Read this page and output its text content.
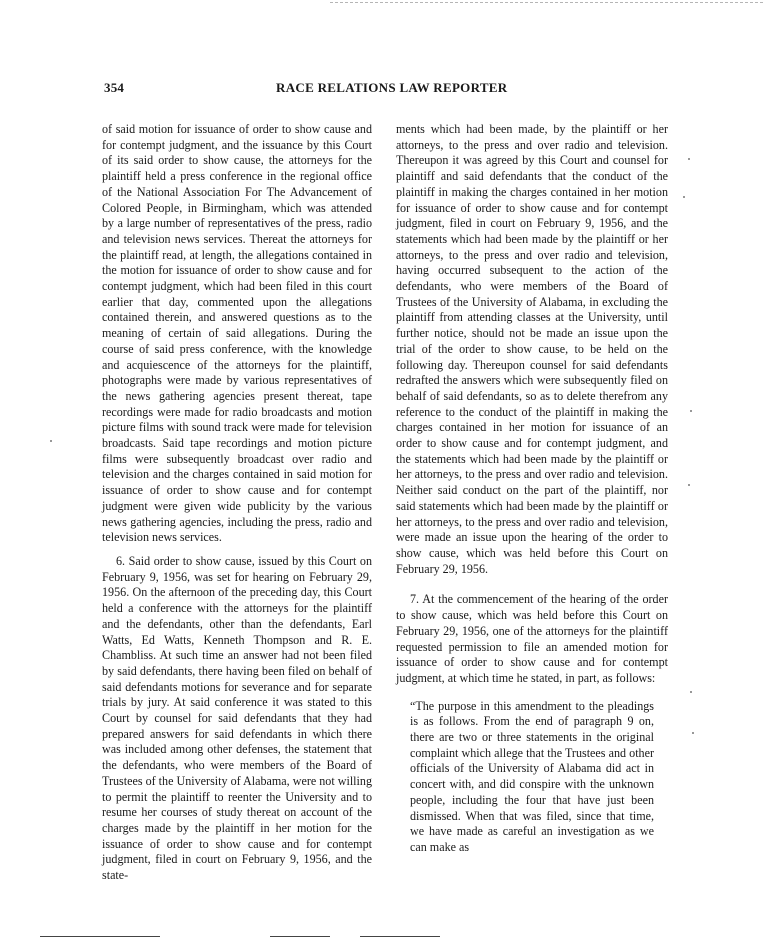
354	RACE RELATIONS LAW REPORTER

of said motion for issuance of order to show cause and for contempt judgment, and the issuance by this Court of its said order to show cause, the attorneys for the plaintiff held a press conference in the regional office of the National Association For The Advancement of Colored People, in Birmingham, which was attended by a large number of representatives of the press, radio and television news services. Thereat the attorneys for the plaintiff read, at length, the allegations contained in the motion for issuance of order to show cause and for contempt judgment, which had been filed in this court earlier that day, commented upon the allegations contained therein, and answered questions as to the meaning of certain of said allegations. During the course of said press conference, with the knowledge and acquiescence of the attorneys for the plaintiff, photographs were made by various representatives of the news gathering agencies present thereat, tape recordings were made for radio broadcasts and motion picture films with sound track were made for television broadcasts. Said tape recordings and motion picture films were subsequently broadcast over radio and television and the charges contained in said motion for issuance of order to show cause and for contempt judgment were given wide publicity by the various news gathering agencies, including the press, radio and television news services.

6. Said order to show cause, issued by this Court on February 9, 1956, was set for hearing on February 29, 1956. On the afternoon of the preceding day, this Court held a conference with the attorneys for the plaintiff and the defendants, other than the defendants, Earl Watts, Ed Watts, Kenneth Thompson and R. E. Chambliss. At such time an answer had not been filed by said defendants, there having been filed on behalf of said defendants motions for severance and for separate trials by jury. At said conference it was stated to this Court by counsel for said defendants that they had prepared answers for said defendants in which there was included among other defenses, the statement that the defendants, who were members of the Board of Trustees of the University of Alabama, were not willing to permit the plaintiff to reenter the University and to resume her courses of study thereat on account of the charges made by the plaintiff in her motion for the issuance of order to show cause and for contempt judgment, filed in court on February 9, 1956, and the state-

ments which had been made, by the plaintiff or her attorneys, to the press and over radio and television. Thereupon it was agreed by this Court and counsel for plaintiff and said defendants that the conduct of the plaintiff in making the charges contained in her motion for issuance of order to show cause and for contempt judgment, filed in court on February 9, 1956, and the statements which had been made by the plaintiff or her attorneys, to the press and over radio and television, having occurred subsequent to the action of the defendants, who were members of the Board of Trustees of the University of Alabama, in excluding the plaintiff from attending classes at the University, until further notice, should not be made an issue upon the trial of the order to show cause, to be held on the following day. Thereupon counsel for said defendants redrafted the answers which were subsequently filed on behalf of said defendants, so as to delete therefrom any reference to the conduct of the plaintiff in making the charges contained in her motion for issuance of an order to show cause and for contempt judgment, and the statements which had been made by the plaintiff or her attorneys, to the press and over radio and television. Neither said conduct on the part of the plaintiff, nor said statements which had been made by the plaintiff or her attorneys, to the press and over radio and television, were made an issue upon the hearing of the order to show cause, which was held before this Court on February 29, 1956.

7. At the commencement of the hearing of the order to show cause, which was held before this Court on February 29, 1956, one of the attorneys for the plaintiff requested permission to file an amended motion for issuance of order to show cause and for contempt judgment, at which time he stated, in part, as follows:

“The purpose in this amendment to the pleadings is as follows. From the end of paragraph 9 on, there are two or three statements in the original complaint which allege that the Trustees and other officials of the University of Alabama did act in concert with, and did conspire with the unknown people, including the four that have just been dismissed. When that was filed, since that time, we have made as careful an investigation as we can make as
